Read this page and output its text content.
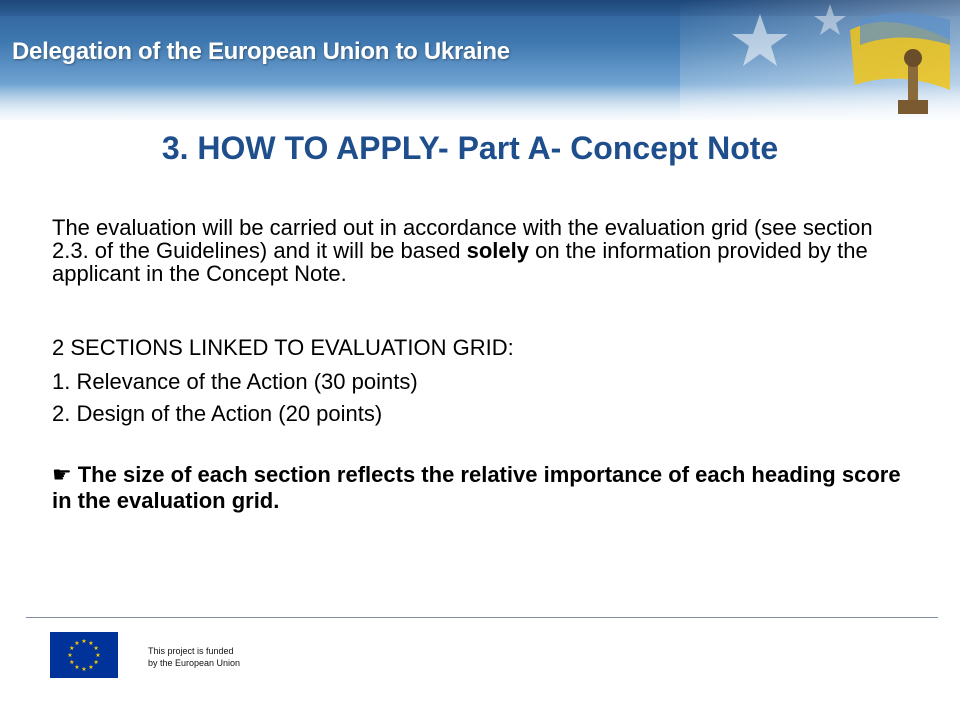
Delegation of the European Union to Ukraine
3. HOW TO APPLY- Part A- Concept Note
The evaluation will be carried out in accordance with the evaluation grid (see section 2.3. of the Guidelines) and it will be based solely on the information provided by the applicant in the Concept Note.
2 SECTIONS LINKED TO EVALUATION GRID:
1. Relevance of the Action (30 points)
2. Design of the Action (20 points)
☛ The size of each section reflects the relative importance of each heading score in the evaluation grid.
★ ★
★
★
★
★
★
★
★
★
★
★
This project is funded
by the European Union
